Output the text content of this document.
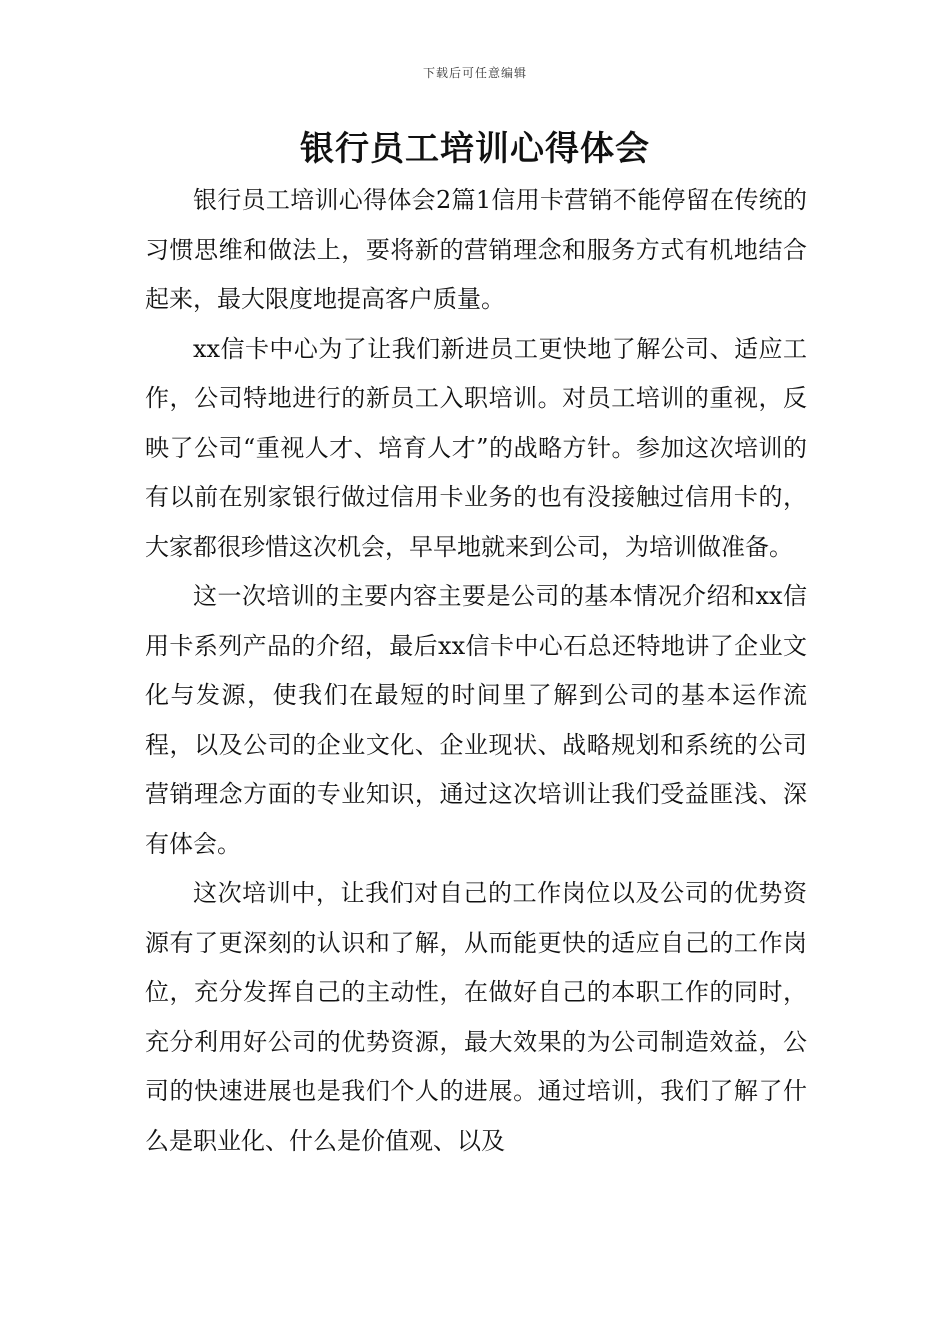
下载后可任意编辑
银行员工培训心得体会

银行员工培训心得体会2篇1信用卡营销不能停留在传统的习惯思维和做法上，要将新的营销理念和服务方式有机地结合起来，最大限度地提高客户质量。

xx信卡中心为了让我们新进员工更快地了解公司、适应工作，公司特地进行的新员工入职培训。对员工培训的重视，反映了公司“重视人才、培育人才”的战略方针。参加这次培训的有以前在别家银行做过信用卡业务的也有没接触过信用卡的，大家都很珍惜这次机会，早早地就来到公司，为培训做准备。

这一次培训的主要内容主要是公司的基本情况介绍和xx信用卡系列产品的介绍，最后xx信卡中心石总还特地讲了企业文化与发源，使我们在最短的时间里了解到公司的基本运作流程，以及公司的企业文化、企业现状、战略规划和系统的公司营销理念方面的专业知识，通过这次培训让我们受益匪浅、深有体会。

这次培训中，让我们对自己的工作岗位以及公司的优势资源有了更深刻的认识和了解，从而能更快的适应自己的工作岗位，充分发挥自己的主动性，在做好自己的本职工作的同时，充分利用好公司的优势资源，最大效果的为公司制造效益，公司的快速进展也是我们个人的进展。通过培训，我们了解了什么是职业化、什么是价值观、以及
